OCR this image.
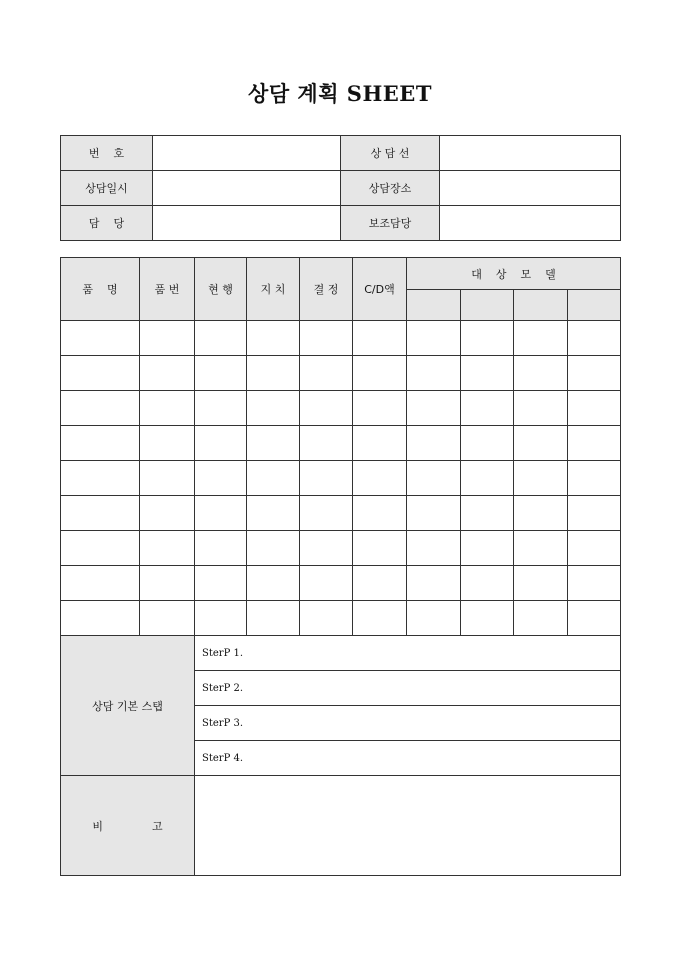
상담 계획 SHEET
번    호		상 담 선	
상담일시		상담장소	
담    당		보조담당	
품    명	품 번	현 행	지 치	결 정	C/D액	대    상    모    델			

상담 기본 스탭		SterP 1.							
		SterP 2.							
		SterP 3.							
		SterP 4.							
비              고									
